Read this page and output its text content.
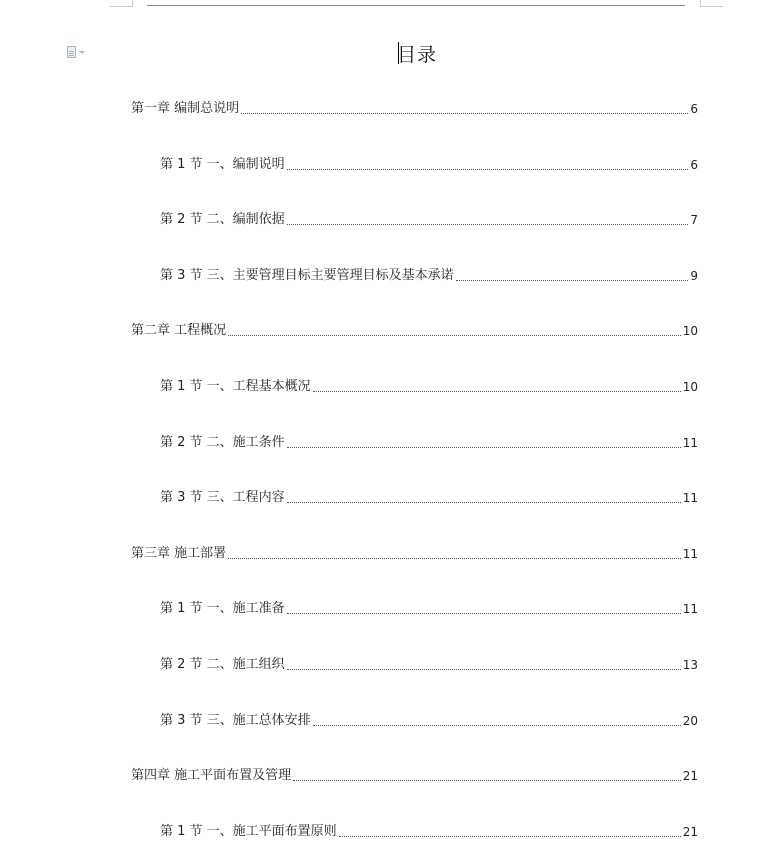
目录
第一章 编制总说明	6
第 1 节 一、编制说明	6
第 2 节 二、编制依据	7
第 3 节 三、主要管理目标主要管理目标及基本承诺	9
第二章 工程概况	10
第 1 节 一、工程基本概况	10
第 2 节 二、施工条件	11
第 3 节 三、工程内容	11
第三章 施工部署	11
第 1 节 一、施工准备	11
第 2 节 二、施工组织	13
第 3 节 三、施工总体安排	20
第四章 施工平面布置及管理	21
第 1 节 一、施工平面布置原则	21
